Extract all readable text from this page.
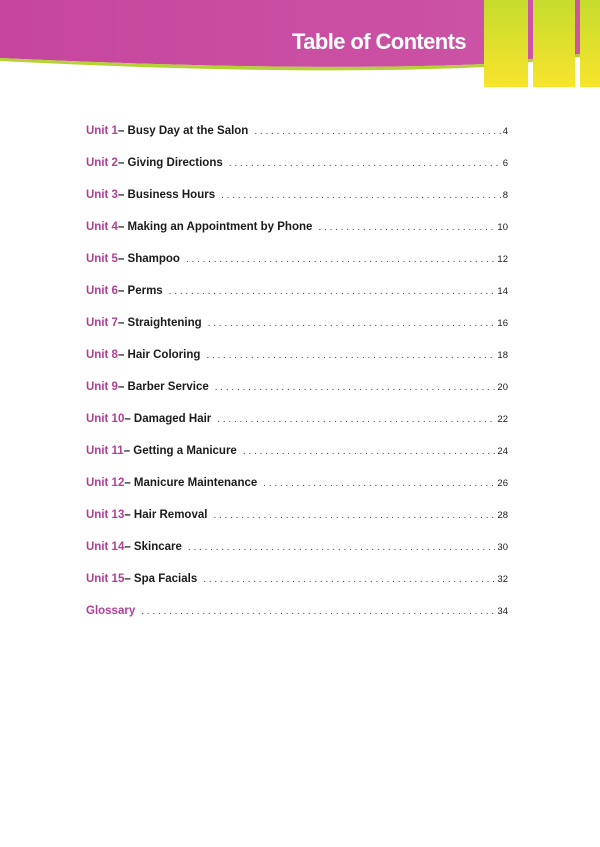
Table of Contents
Unit 1 – Busy Day at the Salon . . .	4
Unit 2 – Giving Directions . . .	6
Unit 3 – Business Hours . . .	8
Unit 4 – Making an Appointment by Phone . . .	10
Unit 5 – Shampoo . . .	12
Unit 6 – Perms . . .	14
Unit 7 – Straightening . . .	16
Unit 8 – Hair Coloring . . .	18
Unit 9 – Barber Service . . .	20
Unit 10 – Damaged Hair . . .	22
Unit 11 – Getting a Manicure . . .	24
Unit 12 – Manicure Maintenance . . .	26
Unit 13 – Hair Removal . . .	28
Unit 14 – Skincare . . .	30
Unit 15 – Spa Facials . . .	32
Glossary . . .	34
